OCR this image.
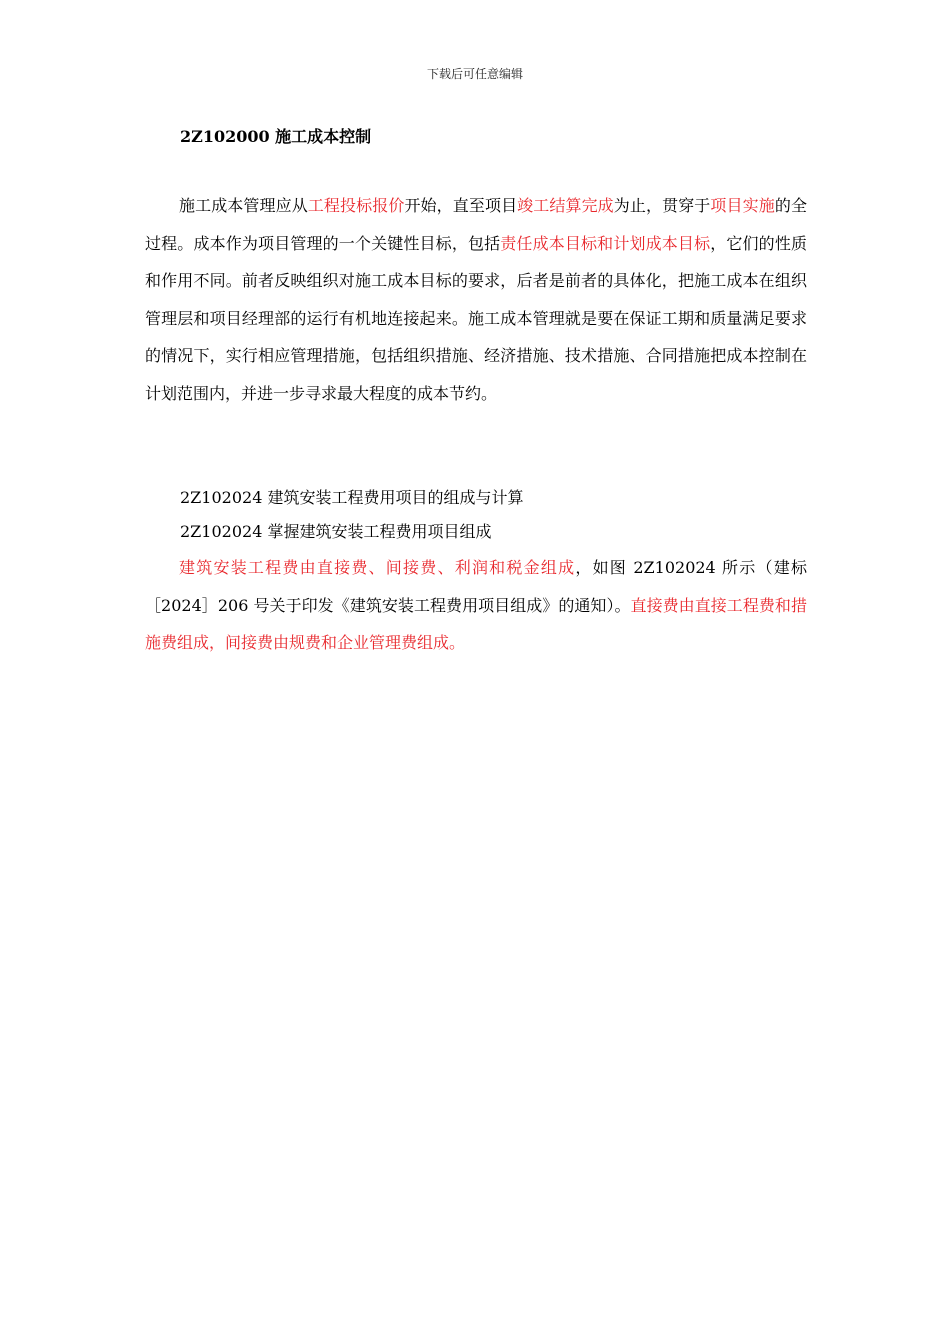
下载后可任意编辑
2Z102000 施工成本控制

施工成本管理应从工程投标报价开始，直至项目竣工结算完成为止，贯穿于项目实施的全过程。成本作为项目管理的一个关键性目标，包括责任成本目标和计划成本目标，它们的性质和作用不同。前者反映组织对施工成本目标的要求，后者是前者的具体化，把施工成本在组织管理层和项目经理部的运行有机地连接起来。施工成本管理就是要在保证工期和质量满足要求的情况下，实行相应管理措施，包括组织措施、经济措施、技术措施、合同措施把成本控制在计划范围内，并进一步寻求最大程度的成本节约。

2Z102024 建筑安装工程费用项目的组成与计算
2Z102024 掌握建筑安装工程费用项目组成

建筑安装工程费由直接费、间接费、利润和税金组成，如图 2Z102024 所示（建标［2024］206 号关于印发《建筑安装工程费用项目组成》的通知）。直接费由直接工程费和措施费组成，间接费由规费和企业管理费组成。
